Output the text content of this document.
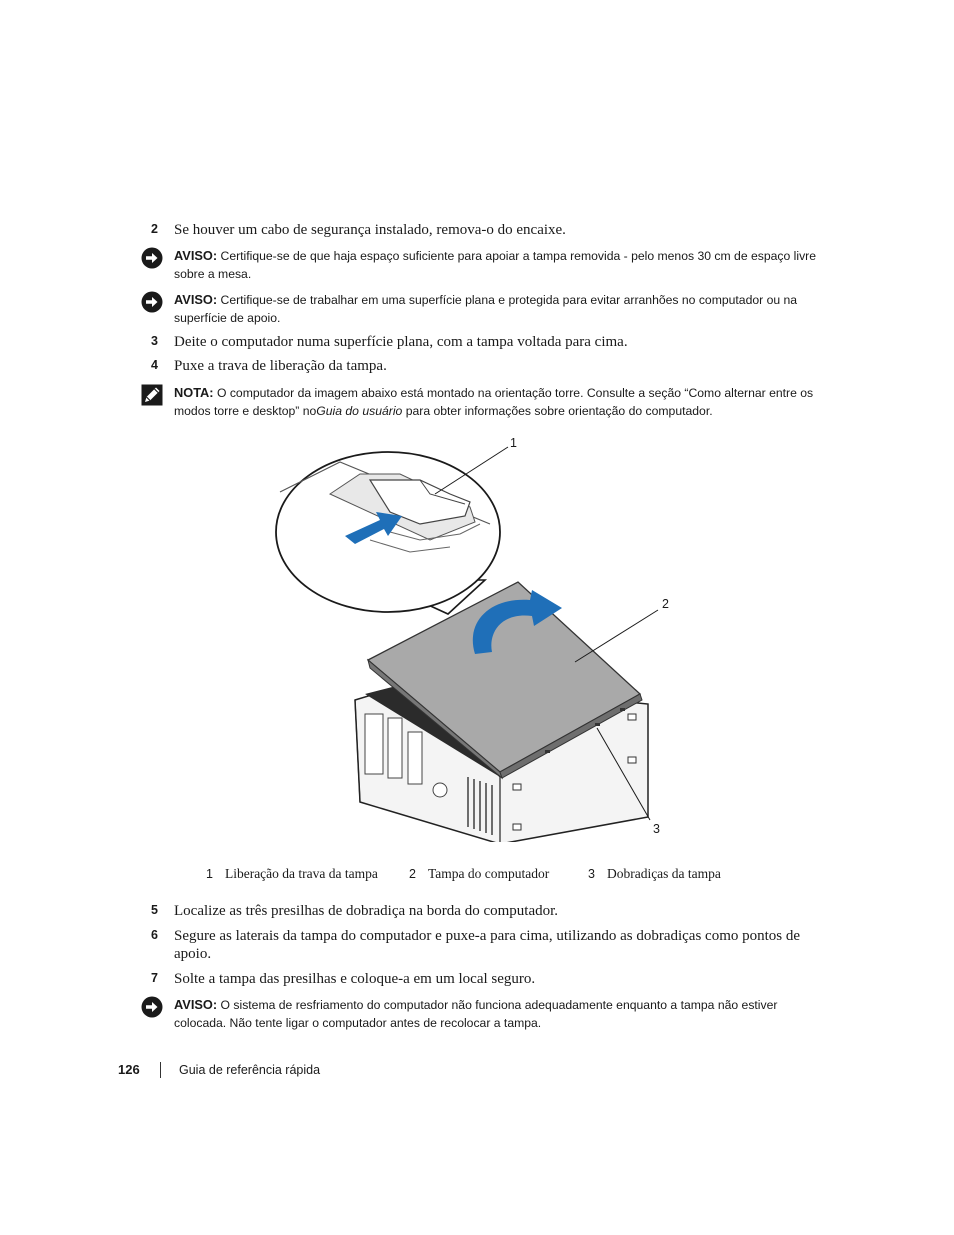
2 Se houver um cabo de segurança instalado, remova-o do encaixe.
AVISO: Certifique-se de que haja espaço suficiente para apoiar a tampa removida - pelo menos 30 cm de espaço livre sobre a mesa.
AVISO: Certifique-se de trabalhar em uma superfície plana e protegida para evitar arranhões no computador ou na superfície de apoio.
3 Deite o computador numa superfície plana, com a tampa voltada para cima.
4 Puxe a trava de liberação da tampa.
NOTA: O computador da imagem abaixo está montado na orientação torre. Consulte a seção “Como alternar entre os modos torre e desktop” noGuia do usuário para obter informações sobre orientação do computador.
1
2
3
1 Liberação da trava da tampa 2 Tampa do computador	3 Dobradiças da tampa
5 Localize as três presilhas de dobradiça na borda do computador.
6 Segure as laterais da tampa do computador e puxe-a para cima, utilizando as dobradiças como pontos de apoio.
7 Solte a tampa das presilhas e coloque-a em um local seguro.
AVISO: O sistema de resfriamento do computador não funciona adequadamente enquanto a tampa não estiver colocada. Não tente ligar o computador antes de recolocar a tampa.
126	Guia de referência rápida
